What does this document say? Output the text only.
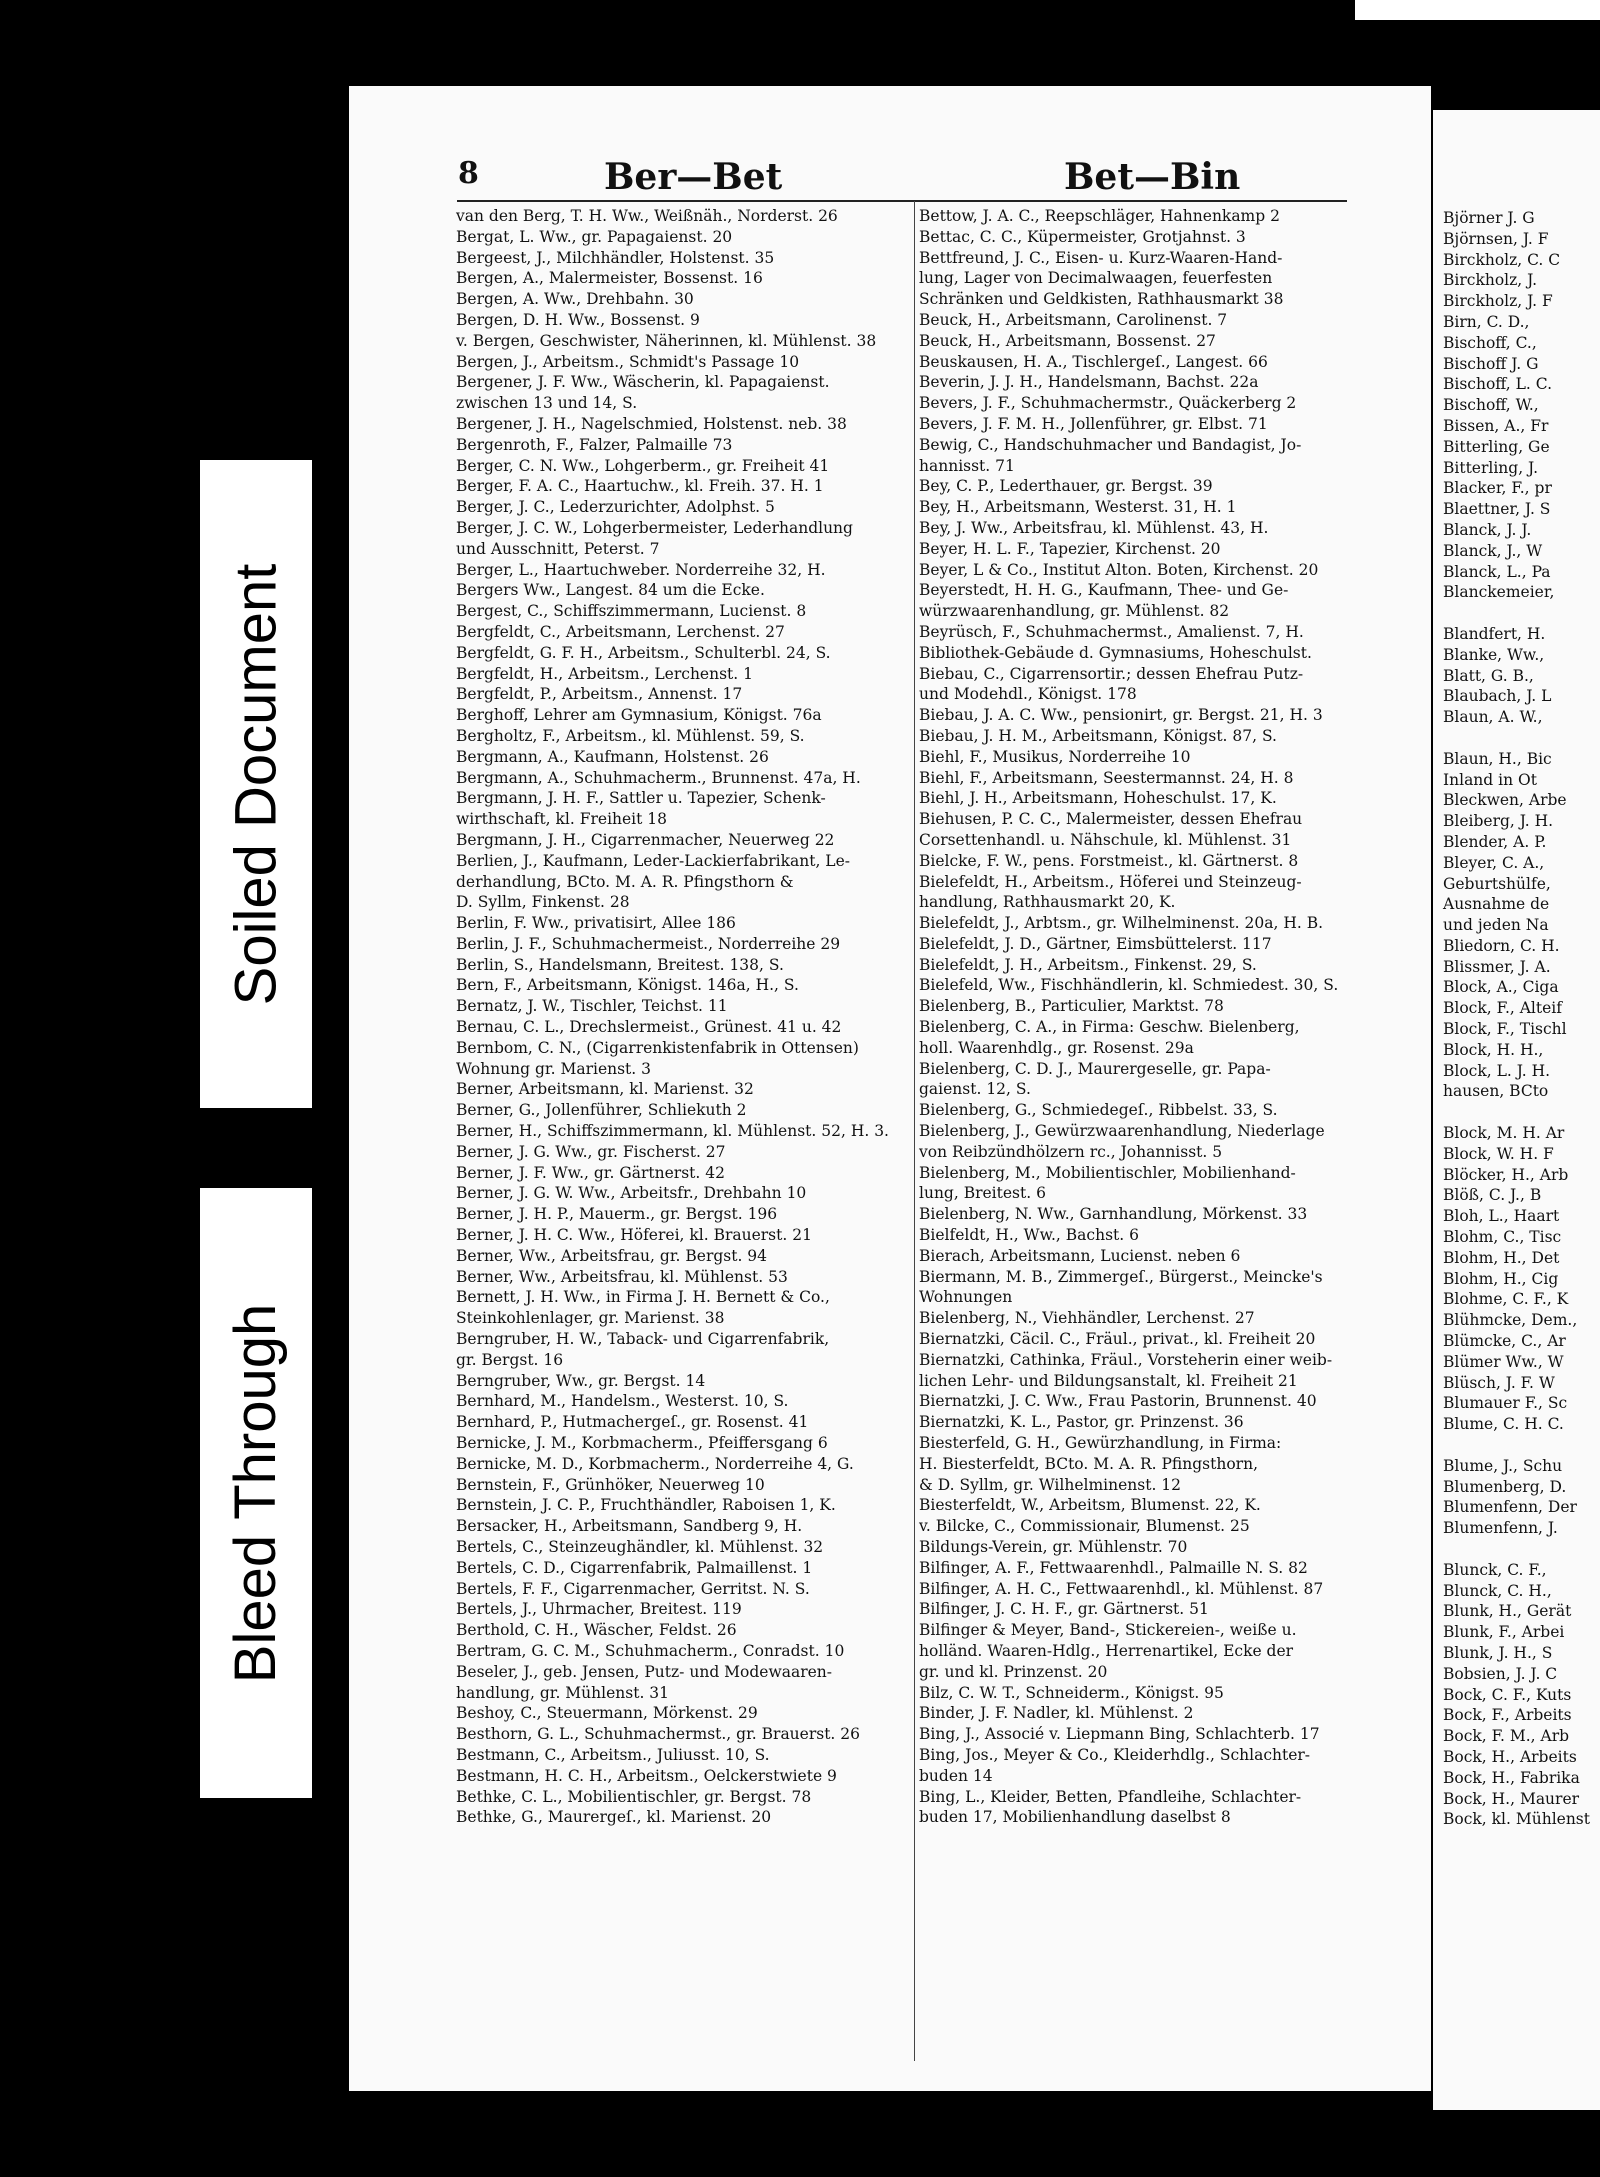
Soiled Document
Bleed Through
8	Ber—Bet	Bet—Bin
van den Berg, T. H. Ww., Weißnäh., Norderst. 26
Bergat, L. Ww., gr. Papagaienst. 20
Bergeest, J., Milchhändler, Holstenst. 35
Bergen, A., Malermeister, Bossenst. 16
Bergen, A. Ww., Drehbahn. 30
Bergen, D. H. Ww., Bossenst. 9
v. Bergen, Geschwister, Näherinnen, kl. Mühlenst. 38
Bergen, J., Arbeitsm., Schmidt's Passage 10
Bergener, J. F. Ww., Wäscherin, kl. Papagaienst.
zwischen 13 und 14, S.
Bergener, J. H., Nagelschmied, Holstenst. neb. 38
Bergenroth, F., Falzer, Palmaille 73
Berger, C. N. Ww., Lohgerberm., gr. Freiheit 41
Berger, F. A. C., Haartuchw., kl. Freih. 37. H. 1
Berger, J. C., Lederzurichter, Adolphst. 5
Berger, J. C. W., Lohgerbermeister, Lederhandlung
und Ausschnitt, Peterst. 7
Berger, L., Haartuchweber. Norderreihe 32, H.
Bergers Ww., Langest. 84 um die Ecke.
Bergest, C., Schiffszimmermann, Lucienst. 8
Bergfeldt, C., Arbeitsmann, Lerchenst. 27
Bergfeldt, G. F. H., Arbeitsm., Schulterbl. 24, S.
Bergfeldt, H., Arbeitsm., Lerchenst. 1
Bergfeldt, P., Arbeitsm., Annenst. 17
Berghoff, Lehrer am Gymnasium, Königst. 76a
Bergholtz, F., Arbeitsm., kl. Mühlenst. 59, S.
Bergmann, A., Kaufmann, Holstenst. 26
Bergmann, A., Schuhmacherm., Brunnenst. 47a, H.
Bergmann, J. H. F., Sattler u. Tapezier, Schenk-
wirthschaft, kl. Freiheit 18
Bergmann, J. H., Cigarrenmacher, Neuerweg 22
Berlien, J., Kaufmann, Leder-Lackierfabrikant, Le-
derhandlung, BCto. M. A. R. Pfingsthorn &
D. Syllm, Finkenst. 28
Berlin, F. Ww., privatisirt, Allee 186
Berlin, J. F., Schuhmachermeist., Norderreihe 29
Berlin, S., Handelsmann, Breitest. 138, S.
Bern, F., Arbeitsmann, Königst. 146a, H., S.
Bernatz, J. W., Tischler, Teichst. 11
Bernau, C. L., Drechslermeist., Grünest. 41 u. 42
Bernbom, C. N., (Cigarrenkistenfabrik in Ottensen)
Wohnung gr. Marienst. 3
Berner, Arbeitsmann, kl. Marienst. 32
Berner, G., Jollenführer, Schliekuth 2
Berner, H., Schiffszimmermann, kl. Mühlenst. 52, H. 3.
Berner, J. G. Ww., gr. Fischerst. 27
Berner, J. F. Ww., gr. Gärtnerst. 42
Berner, J. G. W. Ww., Arbeitsfr., Drehbahn 10
Berner, J. H. P., Mauerm., gr. Bergst. 196
Berner, J. H. C. Ww., Höferei, kl. Brauerst. 21
Berner, Ww., Arbeitsfrau, gr. Bergst. 94
Berner, Ww., Arbeitsfrau, kl. Mühlenst. 53
Bernett, J. H. Ww., in Firma J. H. Bernett & Co.,
Steinkohlenlager, gr. Marienst. 38
Berngruber, H. W., Taback- und Cigarrenfabrik,
gr. Bergst. 16
Berngruber, Ww., gr. Bergst. 14
Bernhard, M., Handelsm., Westerst. 10, S.
Bernhard, P., Hutmachergeſ., gr. Rosenst. 41
Bernicke, J. M., Korbmacherm., Pfeiffersgang 6
Bernicke, M. D., Korbmacherm., Norderreihe 4, G.
Bernstein, F., Grünhöker, Neuerweg 10
Bernstein, J. C. P., Fruchthändler, Raboisen 1, K.
Bersacker, H., Arbeitsmann, Sandberg 9, H.
Bertels, C., Steinzeughändler, kl. Mühlenst. 32
Bertels, C. D., Cigarrenfabrik, Palmaillenst. 1
Bertels, F. F., Cigarrenmacher, Gerritst. N. S.
Bertels, J., Uhrmacher, Breitest. 119
Berthold, C. H., Wäscher, Feldst. 26
Bertram, G. C. M., Schuhmacherm., Conradst. 10
Beseler, J., geb. Jensen, Putz- und Modewaaren-
handlung, gr. Mühlenst. 31
Beshoy, C., Steuermann, Mörkenst. 29
Besthorn, G. L., Schuhmachermst., gr. Brauerst. 26
Bestmann, C., Arbeitsm., Juliusst. 10, S.
Bestmann, H. C. H., Arbeitsm., Oelckerstwiete 9
Bethke, C. L., Mobilientischler, gr. Bergst. 78
Bethke, G., Maurergeſ., kl. Marienst. 20
Bettow, J. A. C., Reepschläger, Hahnenkamp 2
Bettac, C. C., Küpermeister, Grotjahnst. 3
Bettfreund, J. C., Eisen- u. Kurz-Waaren-Hand-
lung, Lager von Decimalwaagen, feuerfesten
Schränken und Geldkisten, Rathhausmarkt 38
Beuck, H., Arbeitsmann, Carolinenst. 7
Beuck, H., Arbeitsmann, Bossenst. 27
Beuskausen, H. A., Tischlergeſ., Langest. 66
Beverin, J. J. H., Handelsmann, Bachst. 22a
Bevers, J. F., Schuhmachermstr., Quäckerberg 2
Bevers, J. F. M. H., Jollenführer, gr. Elbst. 71
Bewig, C., Handschuhmacher und Bandagist, Jo-
hannisst. 71
Bey, C. P., Lederthauer, gr. Bergst. 39
Bey, H., Arbeitsmann, Westerst. 31, H. 1
Bey, J. Ww., Arbeitsfrau, kl. Mühlenst. 43, H.
Beyer, H. L. F., Tapezier, Kirchenst. 20
Beyer, L & Co., Institut Alton. Boten, Kirchenst. 20
Beyerstedt, H. H. G., Kaufmann, Thee- und Ge-
würzwaarenhandlung, gr. Mühlenst. 82
Beyrüsch, F., Schuhmachermst., Amalienst. 7, H.
Bibliothek-Gebäude d. Gymnasiums, Hoheschulst.
Biebau, C., Cigarrensortir.; dessen Ehefrau Putz-
und Modehdl., Königst. 178
Biebau, J. A. C. Ww., pensionirt, gr. Bergst. 21, H. 3
Biebau, J. H. M., Arbeitsmann, Königst. 87, S.
Biehl, F., Musikus, Norderreihe 10
Biehl, F., Arbeitsmann, Seestermannst. 24, H. 8
Biehl, J. H., Arbeitsmann, Hoheschulst. 17, K.
Biehusen, P. C. C., Malermeister, dessen Ehefrau
Corsettenhandl. u. Nähschule, kl. Mühlenst. 31
Bielcke, F. W., pens. Forstmeist., kl. Gärtnerst. 8
Bielefeldt, H., Arbeitsm., Höferei und Steinzeug-
handlung, Rathhausmarkt 20, K.
Bielefeldt, J., Arbtsm., gr. Wilhelminenst. 20a, H. B.
Bielefeldt, J. D., Gärtner, Eimsbüttelerst. 117
Bielefeldt, J. H., Arbeitsm., Finkenst. 29, S.
Bielefeld, Ww., Fischhändlerin, kl. Schmiedest. 30, S.
Bielenberg, B., Particulier, Marktst. 78
Bielenberg, C. A., in Firma: Geschw. Bielenberg,
holl. Waarenhdlg., gr. Rosenst. 29a
Bielenberg, C. D. J., Maurergeselle, gr. Papa-
gaienst. 12, S.
Bielenberg, G., Schmiedegeſ., Ribbelst. 33, S.
Bielenberg, J., Gewürzwaarenhandlung, Niederlage
von Reibzündhölzern rc., Johannisst. 5
Bielenberg, M., Mobilientischler, Mobilienhand-
lung, Breitest. 6
Bielenberg, N. Ww., Garnhandlung, Mörkenst. 33
Bielfeldt, H., Ww., Bachst. 6
Bierach, Arbeitsmann, Lucienst. neben 6
Biermann, M. B., Zimmergeſ., Bürgerst., Meincke's
Wohnungen
Bielenberg, N., Viehhändler, Lerchenst. 27
Biernatzki, Cäcil. C., Fräul., privat., kl. Freiheit 20
Biernatzki, Cathinka, Fräul., Vorsteherin einer weib-
lichen Lehr- und Bildungsanstalt, kl. Freiheit 21
Biernatzki, J. C. Ww., Frau Pastorin, Brunnenst. 40
Biernatzki, K. L., Pastor, gr. Prinzenst. 36
Biesterfeld, G. H., Gewürzhandlung, in Firma:
H. Biesterfeldt, BCto. M. A. R. Pfingsthorn,
& D. Syllm, gr. Wilhelminenst. 12
Biesterfeldt, W., Arbeitsm, Blumenst. 22, K.
v. Bilcke, C., Commissionair, Blumenst. 25
Bildungs-Verein, gr. Mühlenstr. 70
Bilfinger, A. F., Fettwaarenhdl., Palmaille N. S. 82
Bilfinger, A. H. C., Fettwaarenhdl., kl. Mühlenst. 87
Bilfinger, J. C. H. F., gr. Gärtnerst. 51
Bilfinger & Meyer, Band-, Stickereien-, weiße u.
holländ. Waaren-Hdlg., Herrenartikel, Ecke der
gr. und kl. Prinzenst. 20
Bilz, C. W. T., Schneiderm., Königst. 95
Binder, J. F. Nadler, kl. Mühlenst. 2
Bing, J., Associé v. Liepmann Bing, Schlachterb. 17
Bing, Jos., Meyer & Co., Kleiderhdlg., Schlachter-
buden 14
Bing, L., Kleider, Betten, Pfandleihe, Schlachter-
buden 17, Mobilienhandlung daselbst 8
Björner J. G
Björnsen, J. F
Birckholz, C. C
Birckholz, J.
Birckholz, J. F
Birn, C. D.,
Bischoff, C.,
Bischoff J. G
Bischoff, L. C.
Bischoff, W.,
Bissen, A., Fr
Bitterling, Ge
Bitterling, J.
Blacker, F., pr
Blaettner, J. S
Blanck, J. J.
Blanck, J., W
Blanck, L., Pa
Blanckemeier,

Blandfert, H.
Blanke, Ww.,
Blatt, G. B.,
Blaubach, J. L
Blaun, A. W.,

Blaun, H., Bic
Inland in Ot
Bleckwen, Arbe
Bleiberg, J. H.
Blender, A. P.
Bleyer, C. A.,
Geburtshülfe,
Ausnahme de
und jeden Na
Bliedorn, C. H.
Blissmer, J. A.
Block, A., Ciga
Block, F., Alteif
Block, F., Tischl
Block, H. H.,
Block, L. J. H.
hausen, BCto

Block, M. H. Ar
Block, W. H. F
Blöcker, H., Arb
Blöß, C. J., B
Bloh, L., Haart
Blohm, C., Tisc
Blohm, H., Det
Blohm, H., Cig
Blohme, C. F., K
Blühmcke, Dem.,
Blümcke, C., Ar
Blümer Ww., W
Blüsch, J. F. W
Blumauer F., Sc
Blume, C. H. C.

Blume, J., Schu
Blumenberg, D.
Blumenfenn, Der
Blumenfenn, J.

Blunck, C. F.,
Blunck, C. H.,
Blunk, H., Gerät
Blunk, F., Arbei
Blunk, J. H., S
Bobsien, J. J. C
Bock, C. F., Kuts
Bock, F., Arbeits
Bock, F. M., Arb
Bock, H., Arbeits
Bock, H., Fabrika
Bock, H., Maurer
Bock, kl. Mühlenst
